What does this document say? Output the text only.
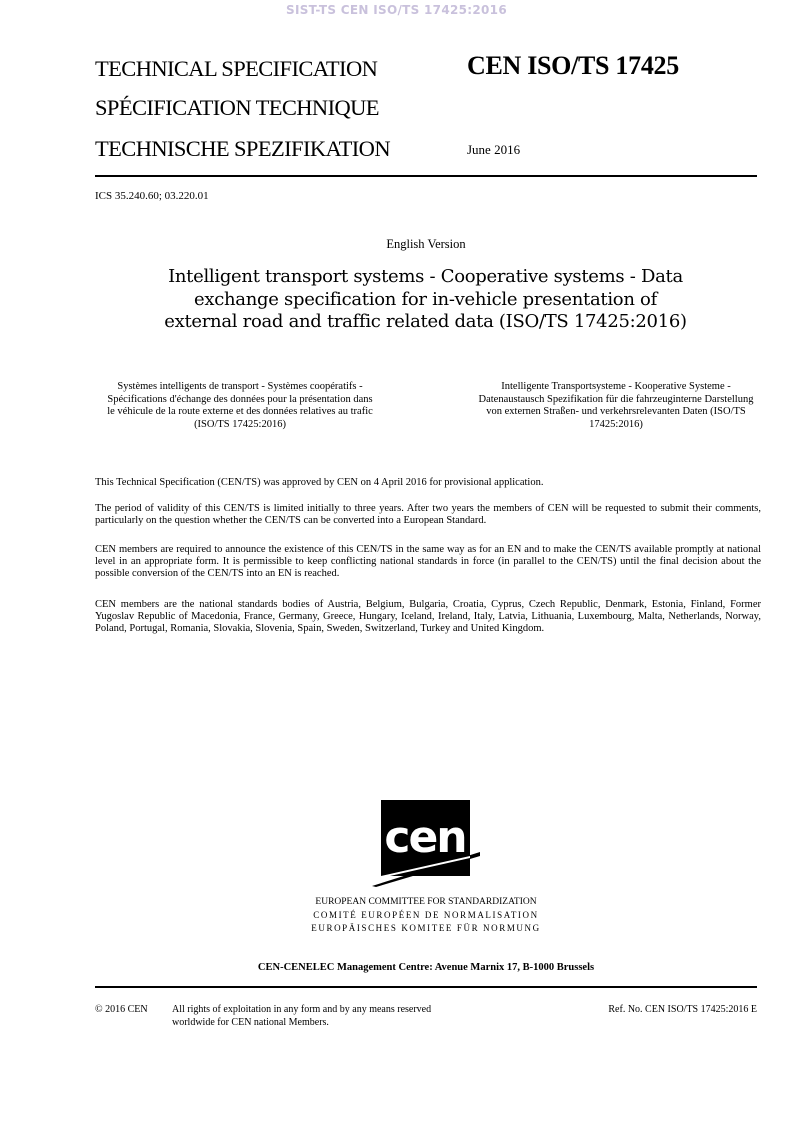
SIST-TS CEN ISO/TS 17425:2016
TECHNICAL SPECIFICATION
SPÉCIFICATION TECHNIQUE
TECHNISCHE SPEZIFIKATION
CEN ISO/TS 17425
June 2016
ICS 35.240.60; 03.220.01
English Version
Intelligent transport systems - Cooperative systems - Data exchange specification for in-vehicle presentation of external road and traffic related data (ISO/TS 17425:2016)
Systèmes intelligents de transport - Systèmes coopératifs - Spécifications d'échange des données pour la présentation dans le véhicule de la route externe et des données relatives au trafic (ISO/TS 17425:2016)
Intelligente Transportsysteme - Kooperative Systeme - Datenaustausch Spezifikation für die fahrzeuginterne Darstellung von externen Straßen- und verkehrsrelevanten Daten (ISO/TS 17425:2016)

This Technical Specification (CEN/TS) was approved by CEN on 4 April 2016 for provisional application.

The period of validity of this CEN/TS is limited initially to three years. After two years the members of CEN will be requested to submit their comments, particularly on the question whether the CEN/TS can be converted into a European Standard.

CEN members are required to announce the existence of this CEN/TS in the same way as for an EN and to make the CEN/TS available promptly at national level in an appropriate form. It is permissible to keep conflicting national standards in force (in parallel to the CEN/TS) until the final decision about the possible conversion of the CEN/TS into an EN is reached.

CEN members are the national standards bodies of Austria, Belgium, Bulgaria, Croatia, Cyprus, Czech Republic, Denmark, Estonia, Finland, Former Yugoslav Republic of Macedonia, France, Germany, Greece, Hungary, Iceland, Ireland, Italy, Latvia, Lithuania, Luxembourg, Malta, Netherlands, Norway, Poland, Portugal, Romania, Slovakia, Slovenia, Spain, Sweden, Switzerland, Turkey and United Kingdom.

cen
EUROPEAN COMMITTEE FOR STANDARDIZATION
COMITÉ EUROPÉEN DE NORMALISATION
EUROPÄISCHES KOMITEE FÜR NORMUNG
CEN-CENELEC Management Centre: Avenue Marnix 17, B-1000 Brussels
© 2016 CEN All rights of exploitation in any form and by any means reserved
worldwide for CEN national Members.
Ref. No. CEN ISO/TS 17425:2016 E
